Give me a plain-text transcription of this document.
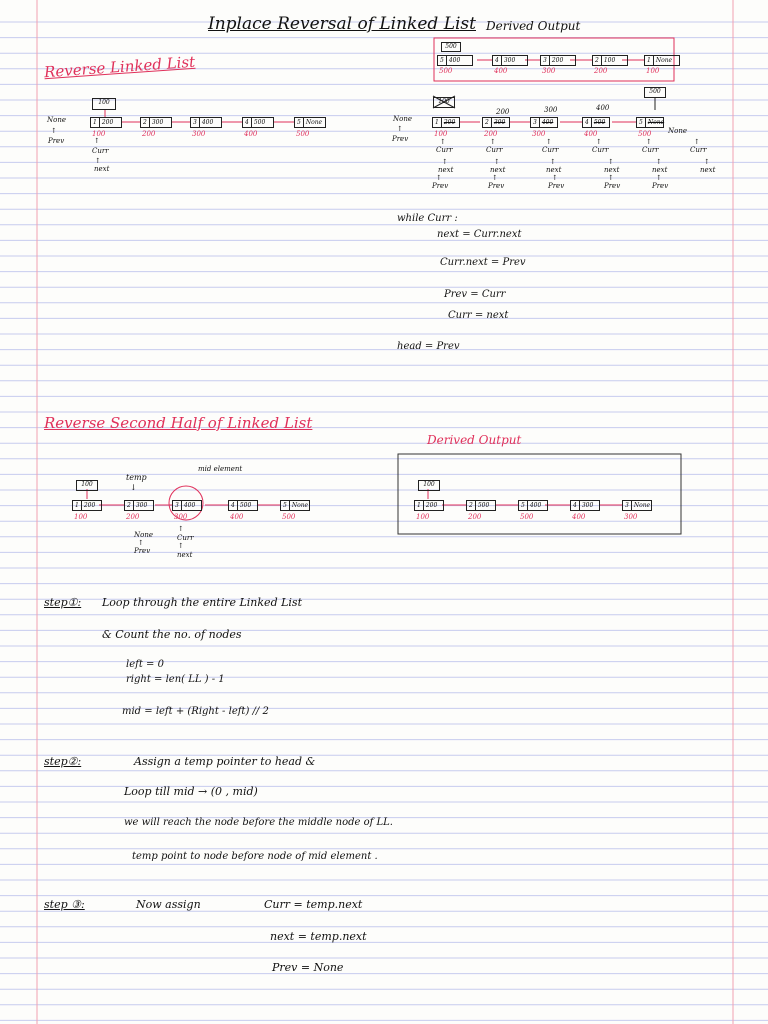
Inplace Reversal of Linked List Derived Output
Reverse Linked List
100
1 200
100
2 300
200
3 400
300
4 500
400
5 None
500
None
↑
Prev	↑
Curr
↑
next
500
5 400
500
4 300
400
3 200
300
2 100
200
1 None
100
None
↑
Prev
500
None
1 200
100
2 300
200
3 400
300
4 500
400
5 None
500
100
200	300	400
↑
Curr
↑
Curr
↑
Curr
↑
Curr
↑
Curr
↑
Curr
↑
next
↑
next
↑
next
↑
next
↑
next
↑
next
↑
Prev
↑
Prev
↑
Prev
↑
Prev
↑
Prev
while Curr :
next = Curr.next
Curr.next = Prev
Prev = Curr
Curr = next
head = Prev
Reverse Second Half of Linked List
Derived Output
100	100
1 200
100
2 300
200
3 400
300
4 500
400
5 None
500
1 200
100
2 500
200
5 400
500
4 300
400
3 None
300
temp
↓
mid element
None
↑
Prev
↑
Curr
↑
next
step①: Loop through the entire Linked List
& Count the no. of nodes
left = 0
right = len( LL ) - 1
mid = left + (Right - left) // 2
step②:	Assign a temp pointer to head &
Loop till mid → (0 , mid)
we will reach the node before the middle node of LL.
temp point to node before node of mid element .
step ③:	Now assign	Curr = temp.next
next = temp.next
Prev = None
